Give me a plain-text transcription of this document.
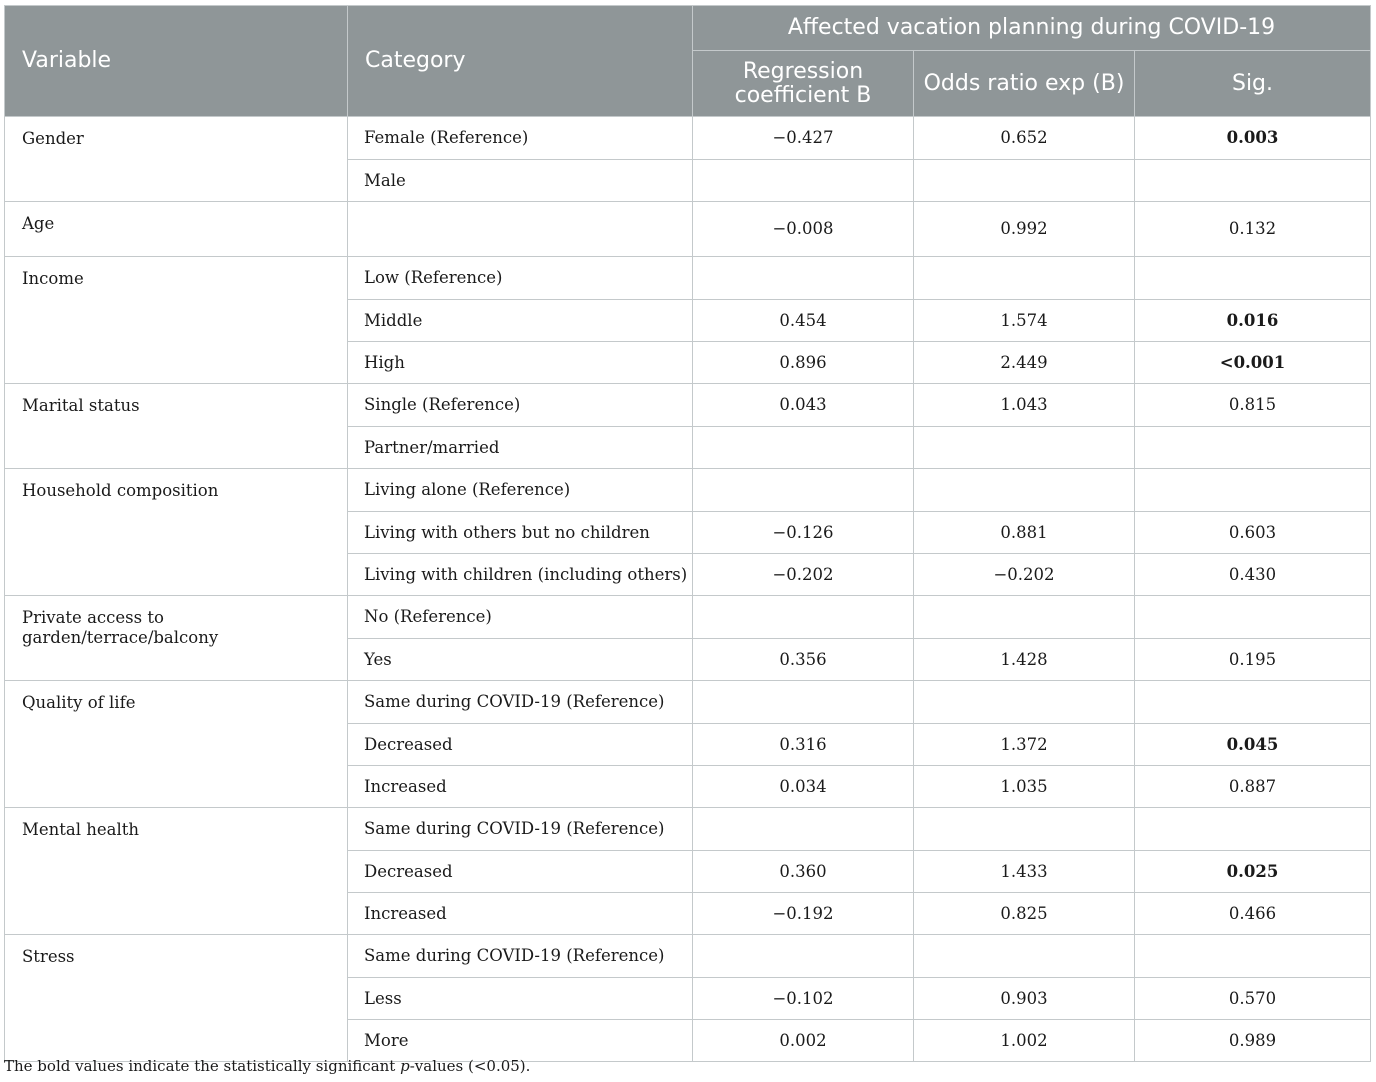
Variable	Category	Affected vacation planning during COVID-19		
		Regression coefficient B	Odds ratio exp (B)	Sig.
Gender	Female (Reference)	−0.427	0.652	0.003
	Male			
Age		−0.008	0.992	0.132
Income	Low (Reference)			
	Middle	0.454	1.574	0.016
	High	0.896	2.449	<0.001
Marital status	Single (Reference)	0.043	1.043	0.815
	Partner/married			
Household composition	Living alone (Reference)			
	Living with others but no children	−0.126	0.881	0.603
	Living with children (including others)	−0.202	−0.202	0.430
Private access to garden/terrace/balcony	No (Reference)			
	Yes	0.356	1.428	0.195
Quality of life	Same during COVID-19 (Reference)			
	Decreased	0.316	1.372	0.045
	Increased	0.034	1.035	0.887
Mental health	Same during COVID-19 (Reference)			
	Decreased	0.360	1.433	0.025
	Increased	−0.192	0.825	0.466
Stress	Same during COVID-19 (Reference)			
	Less	−0.102	0.903	0.570
	More	0.002	1.002	0.989
The bold values indicate the statistically significant p-values (<0.05).
